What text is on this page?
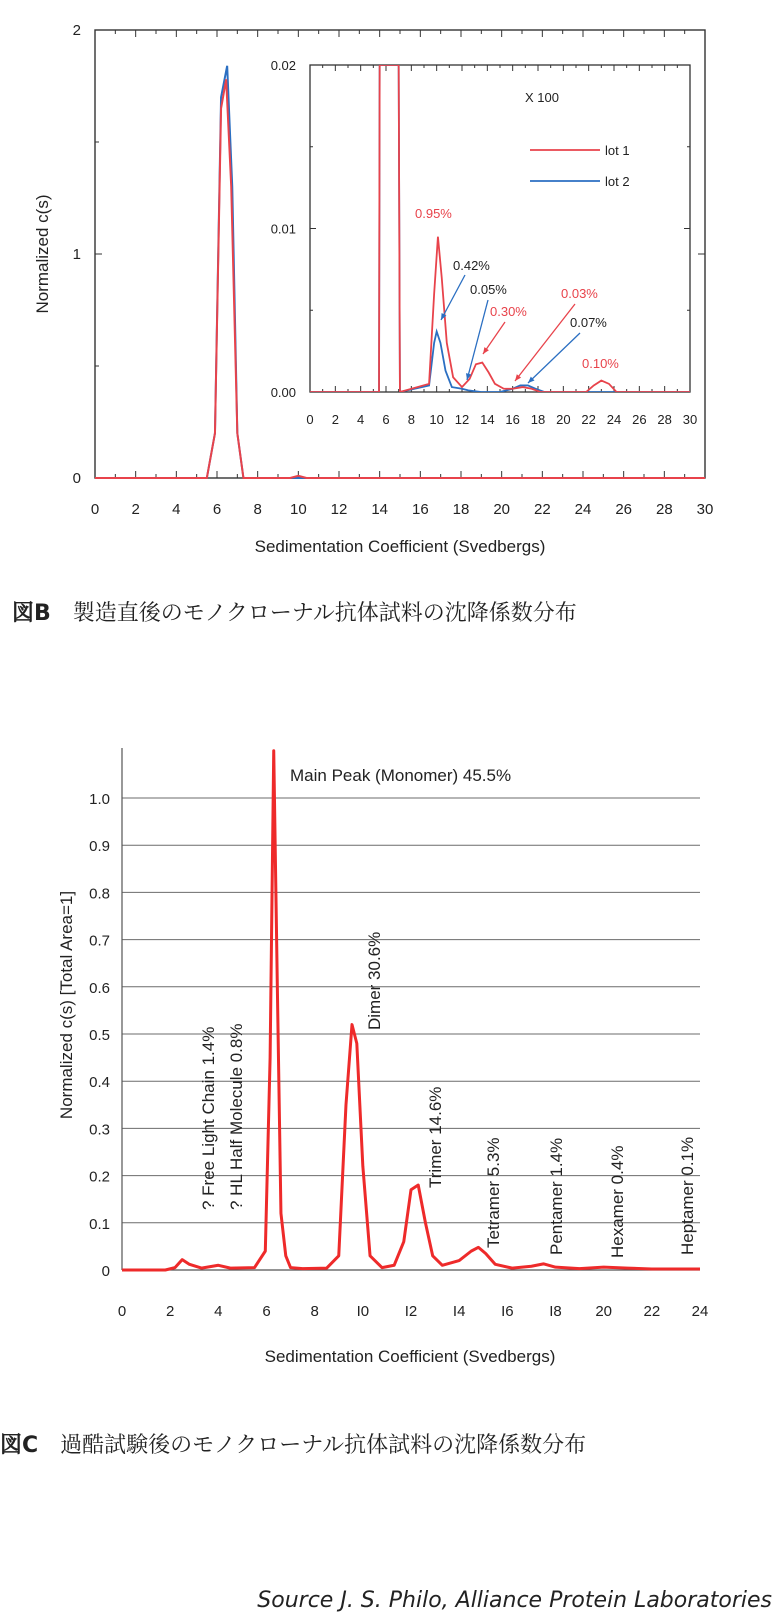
0 2 4 6 8 10 12 14 16 18 20 22 24 26 28 30
0
1
2
Sedimentation Coefficient (Svedbergs)
Normalized c(s)
0 2 4 6 8 10 12 14 16 18 20 22 24 26 28 30
0.00
0.01
0.02
X 100
lot 1
lot 2
0.95%
0.42%
0.05%
0.30%
0.03%
0.07%
0.10%
0
0.1
0.2
0.3
0.4
0.5
0.6
0.7
0.8
0.9
1.0
0	2	4	6	8	I0 I2 I4 I6 I8 20 22 24
Sedimentation Coefficient (Svedbergs)
Normalized c(s) [Total Area=1]
Main Peak (Monomer) 45.5%
? Free Light Chain 1.4% ? HL Half Molecule 0.8%
Dimer 30.6%
Trimer 14.6%
Tetramer 5.3%	Pentamer 1.4% Hexamer 0.4%	Heptamer 0.1%
図B 製造直後のモノクローナル抗体試料の沈降係数分布
図C 過酷試験後のモノクローナル抗体試料の沈降係数分布
Source J. S. Philo, Alliance Protein Laboratories
